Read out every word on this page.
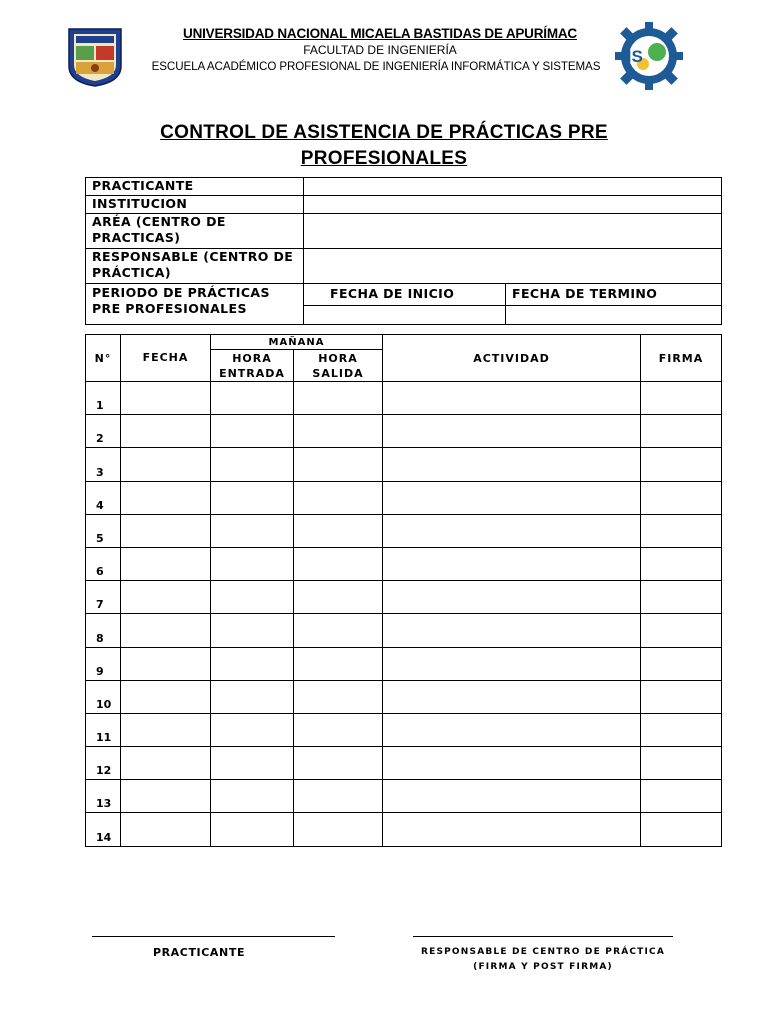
IIS
UNIVERSIDAD NACIONAL MICAELA BASTIDAS DE APURÍMAC
FACULTAD DE INGENIERÍA
ESCUELA ACADÉMICO PROFESIONAL DE INGENIERÍA INFORMÁTICA Y SISTEMAS
CONTROL DE ASISTENCIA DE PRÁCTICAS PRE
PROFESIONALES
PRACTICANTE		
INSTITUCION		
ARÉA (CENTRO DE PRACTICAS)		
RESPONSABLE (CENTRO DE PRÁCTICA)		
PERIODO DE PRÁCTICAS PRE PROFESIONALES	FECHA DE INICIO	FECHA DE TERMINO

N°	FECHA	MAÑANA		ACTIVIDAD	FIRMA
		HORA ENTRADA	HORA SALIDA		
1					
2					
3					
4					
5					
6					
7					
8					
9					
10					
11					
12					
13					
14					
PRACTICANTE	RESPONSABLE DE CENTRO DE PRÁCTICA
(FIRMA Y POST FIRMA)
